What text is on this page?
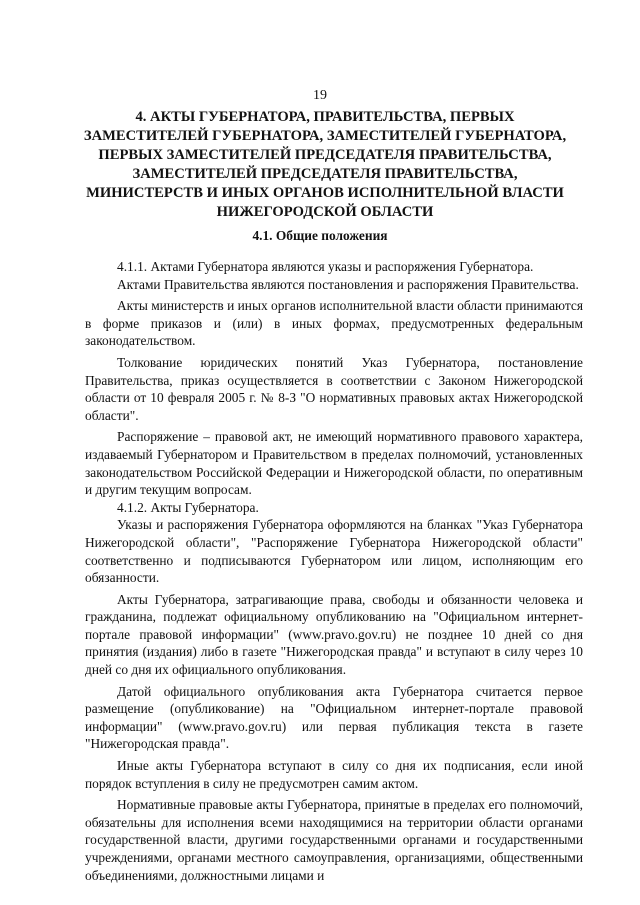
19
4. АКТЫ ГУБЕРНАТОРА, ПРАВИТЕЛЬСТВА, ПЕРВЫХ
ЗАМЕСТИТЕЛЕЙ ГУБЕРНАТОРА, ЗАМЕСТИТЕЛЕЙ ГУБЕРНАТОРА,
ПЕРВЫХ ЗАМЕСТИТЕЛЕЙ ПРЕДСЕДАТЕЛЯ ПРАВИТЕЛЬСТВА,
ЗАМЕСТИТЕЛЕЙ ПРЕДСЕДАТЕЛЯ ПРАВИТЕЛЬСТВА,
МИНИСТЕРСТВ И ИНЫХ ОРГАНОВ ИСПОЛНИТЕЛЬНОЙ ВЛАСТИ
НИЖЕГОРОДСКОЙ ОБЛАСТИ
4.1. Общие положения

4.1.1. Актами Губернатора являются указы и распоряжения Губернатора.

Актами Правительства являются постановления и распоряжения Правительства.

Акты министерств и иных органов исполнительной власти области принимаются в форме приказов и (или) в иных формах, предусмотренных федеральным законодательством.

Толкование юридических понятий Указ Губернатора, постановление Правительства, приказ осуществляется в соответствии с Законом Нижегородской области от 10 февраля 2005 г. № 8-З "О нормативных правовых актах Нижегородской области".

Распоряжение – правовой акт, не имеющий нормативного правового характера, издаваемый Губернатором и Правительством в пределах полномочий, установленных законодательством Российской Федерации и Нижегородской области, по оперативным и другим текущим вопросам.

4.1.2. Акты Губернатора.

Указы и распоряжения Губернатора оформляются на бланках "Указ Губернатора Нижегородской области", "Распоряжение Губернатора Нижегородской области" соответственно и подписываются Губернатором или лицом, исполняющим его обязанности.

Акты Губернатора, затрагивающие права, свободы и обязанности человека и гражданина, подлежат официальному опубликованию на "Официальном интернет-портале правовой информации" (www.pravo.gov.ru) не позднее 10 дней со дня принятия (издания) либо в газете "Нижегородская правда" и вступают в силу через 10 дней со дня их официального опубликования.

Датой официального опубликования акта Губернатора считается первое размещение (опубликование) на "Официальном интернет-портале правовой информации" (www.pravo.gov.ru) или первая публикация текста в газете "Нижегородская правда".

Иные акты Губернатора вступают в силу со дня их подписания, если иной порядок вступления в силу не предусмотрен самим актом.

Нормативные правовые акты Губернатора, принятые в пределах его полномочий, обязательны для исполнения всеми находящимися на территории области органами государственной власти, другими государственными органами и государственными учреждениями, органами местного самоуправления, организациями, общественными объединениями, должностными лицами и
